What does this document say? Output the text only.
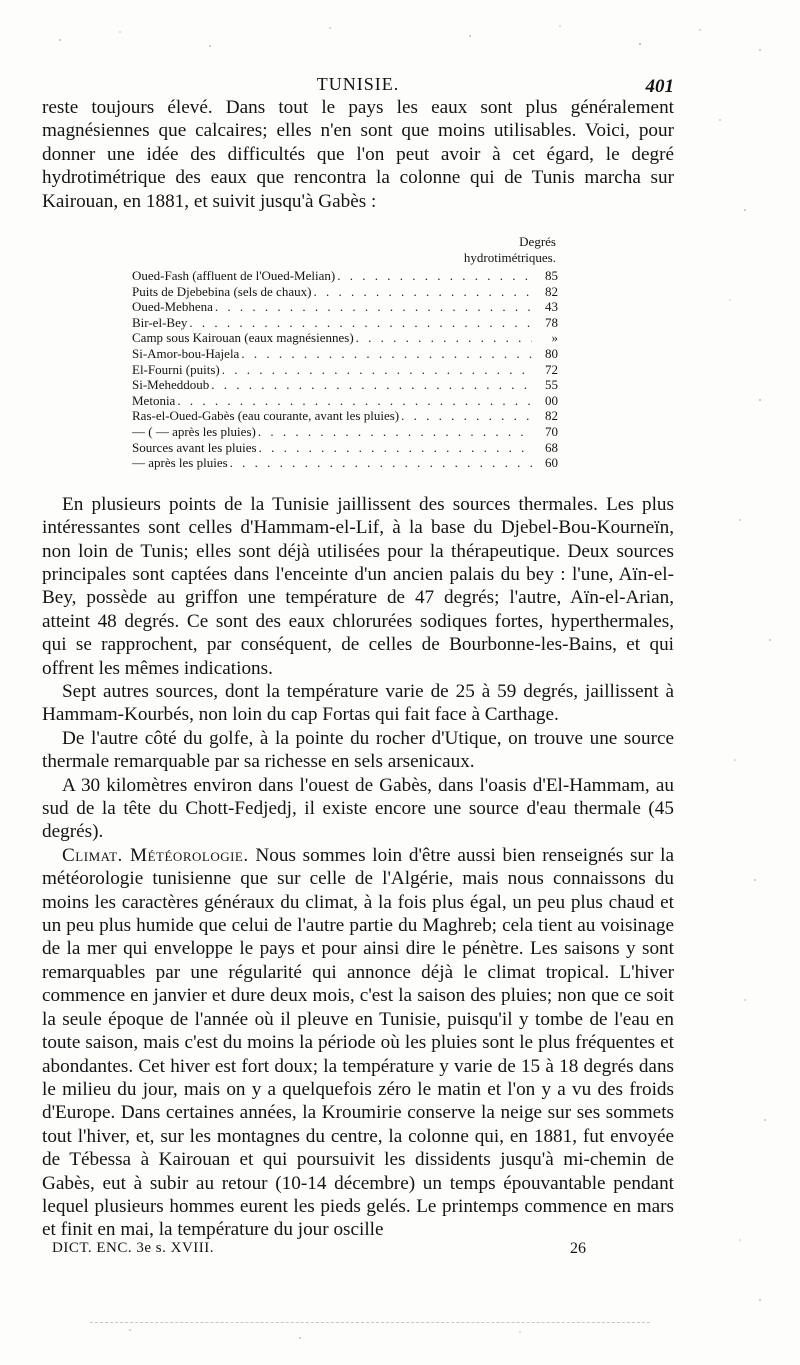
TUNISIE.	401

reste toujours élevé. Dans tout le pays les eaux sont plus généralement magnésiennes que calcaires; elles n'en sont que moins utilisables. Voici, pour donner une idée des difficultés que l'on peut avoir à cet égard, le degré hydrotimétrique des eaux que rencontra la colonne qui de Tunis marcha sur Kairouan, en 1881, et suivit jusqu'à Gabès :

Degrés
hydrotimétriques.
Oued-Fash (affluent de l'Oued-Melian) . . .	85
Puits de Djebebina (sels de chaux) . . .	82
Oued-Mebhena . . .	43
Bir-el-Bey . . .	78
Camp sous Kairouan (eaux magnésiennes) . . .	»
Si-Amor-bou-Hajela . . .	80
El-Fourni (puits) . . .	72
Si-Meheddoub . . .	55
Metonia . . .	00
Ras-el-Oued-Gabès (eau courante, avant les pluies) . . .	82
— ( — après les pluies) . . .	70
Sources avant les pluies . . .	68
— après les pluies . . .	60

En plusieurs points de la Tunisie jaillissent des sources thermales. Les plus intéressantes sont celles d'Hammam-el-Lif, à la base du Djebel-Bou-Kourneïn, non loin de Tunis; elles sont déjà utilisées pour la thérapeutique. Deux sources principales sont captées dans l'enceinte d'un ancien palais du bey : l'une, Aïn-el-Bey, possède au griffon une température de 47 degrés; l'autre, Aïn-el-Arian, atteint 48 degrés. Ce sont des eaux chlorurées sodiques fortes, hyperthermales, qui se rapprochent, par conséquent, de celles de Bourbonne-les-Bains, et qui offrent les mêmes indications.

Sept autres sources, dont la température varie de 25 à 59 degrés, jaillissent à Hammam-Kourbés, non loin du cap Fortas qui fait face à Carthage.

De l'autre côté du golfe, à la pointe du rocher d'Utique, on trouve une source thermale remarquable par sa richesse en sels arsenicaux.

A 30 kilomètres environ dans l'ouest de Gabès, dans l'oasis d'El-Hammam, au sud de la tête du Chott-Fedjedj, il existe encore une source d'eau thermale (45 degrés).

Climat. Météorologie. Nous sommes loin d'être aussi bien renseignés sur la météorologie tunisienne que sur celle de l'Algérie, mais nous connaissons du moins les caractères généraux du climat, à la fois plus égal, un peu plus chaud et un peu plus humide que celui de l'autre partie du Maghreb; cela tient au voisinage de la mer qui enveloppe le pays et pour ainsi dire le pénètre. Les saisons y sont remarquables par une régularité qui annonce déjà le climat tropical. L'hiver commence en janvier et dure deux mois, c'est la saison des pluies; non que ce soit la seule époque de l'année où il pleuve en Tunisie, puisqu'il y tombe de l'eau en toute saison, mais c'est du moins la période où les pluies sont le plus fréquentes et abondantes. Cet hiver est fort doux; la température y varie de 15 à 18 degrés dans le milieu du jour, mais on y a quelquefois zéro le matin et l'on y a vu des froids d'Europe. Dans certaines années, la Kroumirie conserve la neige sur ses sommets tout l'hiver, et, sur les montagnes du centre, la colonne qui, en 1881, fut envoyée de Tébessa à Kairouan et qui poursuivit les dissidents jusqu'à mi-chemin de Gabès, eut à subir au retour (10-14 décembre) un temps épouvantable pendant lequel plusieurs hommes eurent les pieds gelés. Le printemps commence en mars et finit en mai, la température du jour oscille

DICT. ENC. 3e s. XVIII.	26
